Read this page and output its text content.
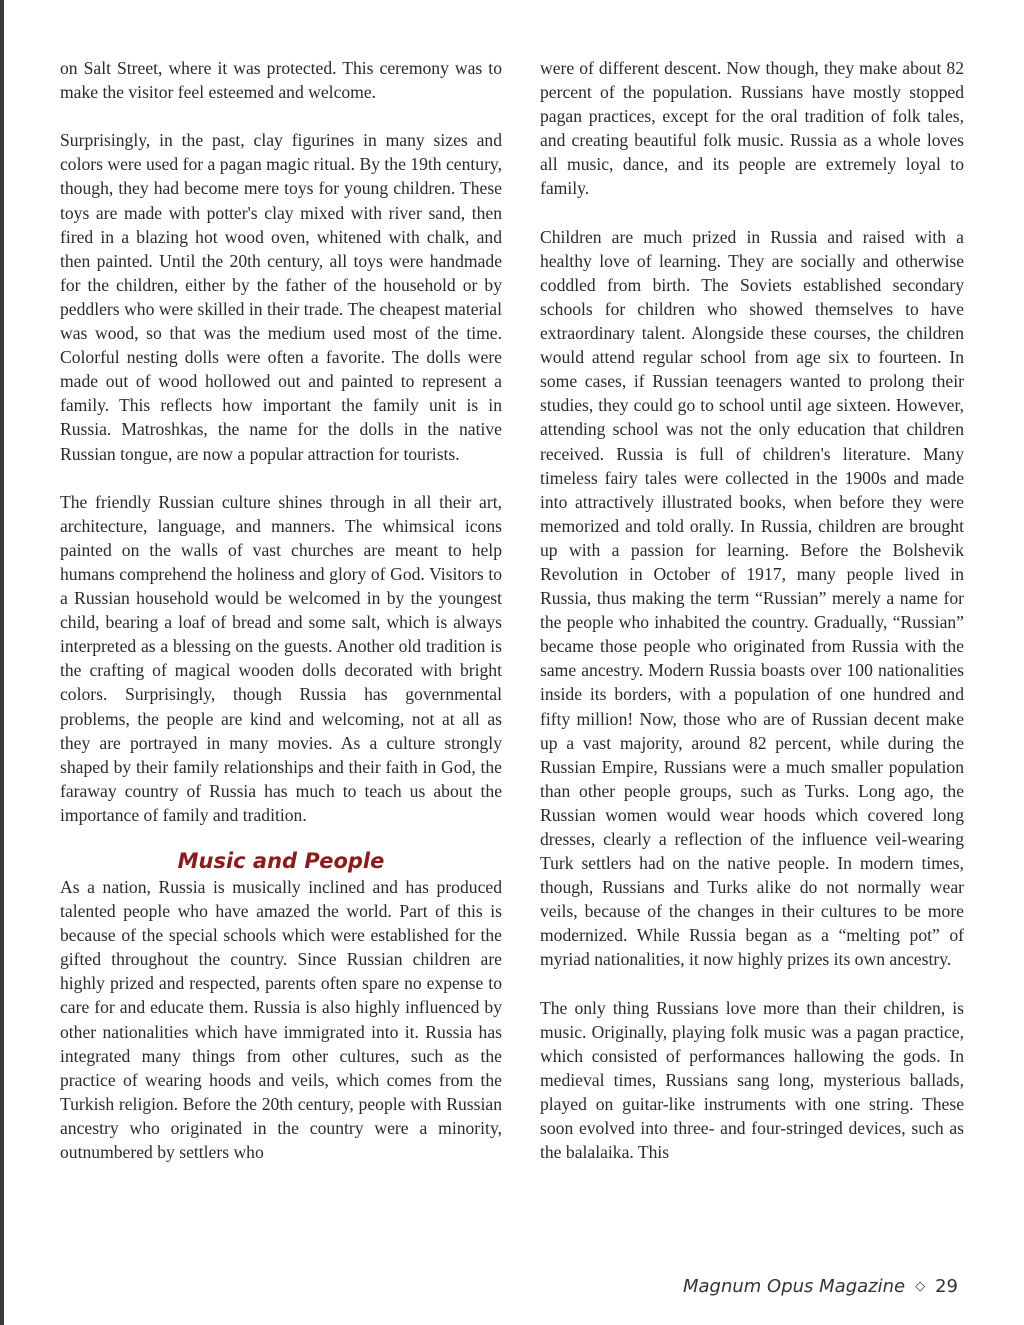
on Salt Street, where it was protected. This ceremony was to make the visitor feel esteemed and welcome.

Surprisingly, in the past, clay figurines in many sizes and colors were used for a pagan magic ritual. By the 19th century, though, they had become mere toys for young children. These toys are made with potter's clay mixed with river sand, then fired in a blazing hot wood oven, whitened with chalk, and then painted. Until the 20th century, all toys were handmade for the children, either by the father of the household or by peddlers who were skilled in their trade. The cheapest material was wood, so that was the medium used most of the time. Colorful nesting dolls were often a favorite. The dolls were made out of wood hollowed out and painted to represent a family. This reflects how important the family unit is in Russia. Matroshkas, the name for the dolls in the native Russian tongue, are now a popular attraction for tourists.

The friendly Russian culture shines through in all their art, architecture, language, and manners. The whimsical icons painted on the walls of vast churches are meant to help humans comprehend the holiness and glory of God. Visitors to a Russian household would be welcomed in by the youngest child, bearing a loaf of bread and some salt, which is always interpreted as a blessing on the guests. Another old tradition is the crafting of magical wooden dolls decorated with bright colors. Surprisingly, though Russia has governmental problems, the people are kind and welcoming, not at all as they are portrayed in many movies. As a culture strongly shaped by their family relationships and their faith in God, the faraway country of Russia has much to teach us about the importance of family and tradition.

Music and People

As a nation, Russia is musically inclined and has produced talented people who have amazed the world. Part of this is because of the special schools which were established for the gifted throughout the country. Since Russian children are highly prized and respected, parents often spare no expense to care for and educate them. Russia is also highly influenced by other nationalities which have immigrated into it. Russia has integrated many things from other cultures, such as the practice of wearing hoods and veils, which comes from the Turkish religion. Before the 20th century, people with Russian ancestry who originated in the country were a minority, outnumbered by settlers who

were of different descent. Now though, they make about 82 percent of the population. Russians have mostly stopped pagan practices, except for the oral tradition of folk tales, and creating beautiful folk music. Russia as a whole loves all music, dance, and its people are extremely loyal to family.

Children are much prized in Russia and raised with a healthy love of learning. They are socially and otherwise coddled from birth. The Soviets established secondary schools for children who showed themselves to have extraordinary talent. Alongside these courses, the children would attend regular school from age six to fourteen. In some cases, if Russian teenagers wanted to prolong their studies, they could go to school until age sixteen. However, attending school was not the only education that children received. Russia is full of children's literature. Many timeless fairy tales were collected in the 1900s and made into attractively illustrated books, when before they were memorized and told orally. In Russia, children are brought up with a passion for learning. Before the Bolshevik Revolution in October of 1917, many people lived in Russia, thus making the term “Russian” merely a name for the people who inhabited the country. Gradually, “Russian” became those people who originated from Russia with the same ancestry. Modern Russia boasts over 100 nationalities inside its borders, with a population of one hundred and fifty million! Now, those who are of Russian decent make up a vast majority, around 82 percent, while during the Russian Empire, Russians were a much smaller population than other people groups, such as Turks. Long ago, the Russian women would wear hoods which covered long dresses, clearly a reflection of the influence veil-wearing Turk settlers had on the native people. In modern times, though, Russians and Turks alike do not normally wear veils, because of the changes in their cultures to be more modernized. While Russia began as a “melting pot” of myriad nationalities, it now highly prizes its own ancestry.

The only thing Russians love more than their children, is music. Originally, playing folk music was a pagan practice, which consisted of performances hallowing the gods. In medieval times, Russians sang long, mysterious ballads, played on guitar-like instruments with one string. These soon evolved into three- and four-stringed devices, such as the balalaika. This

Magnum Opus Magazine ◇ 29
